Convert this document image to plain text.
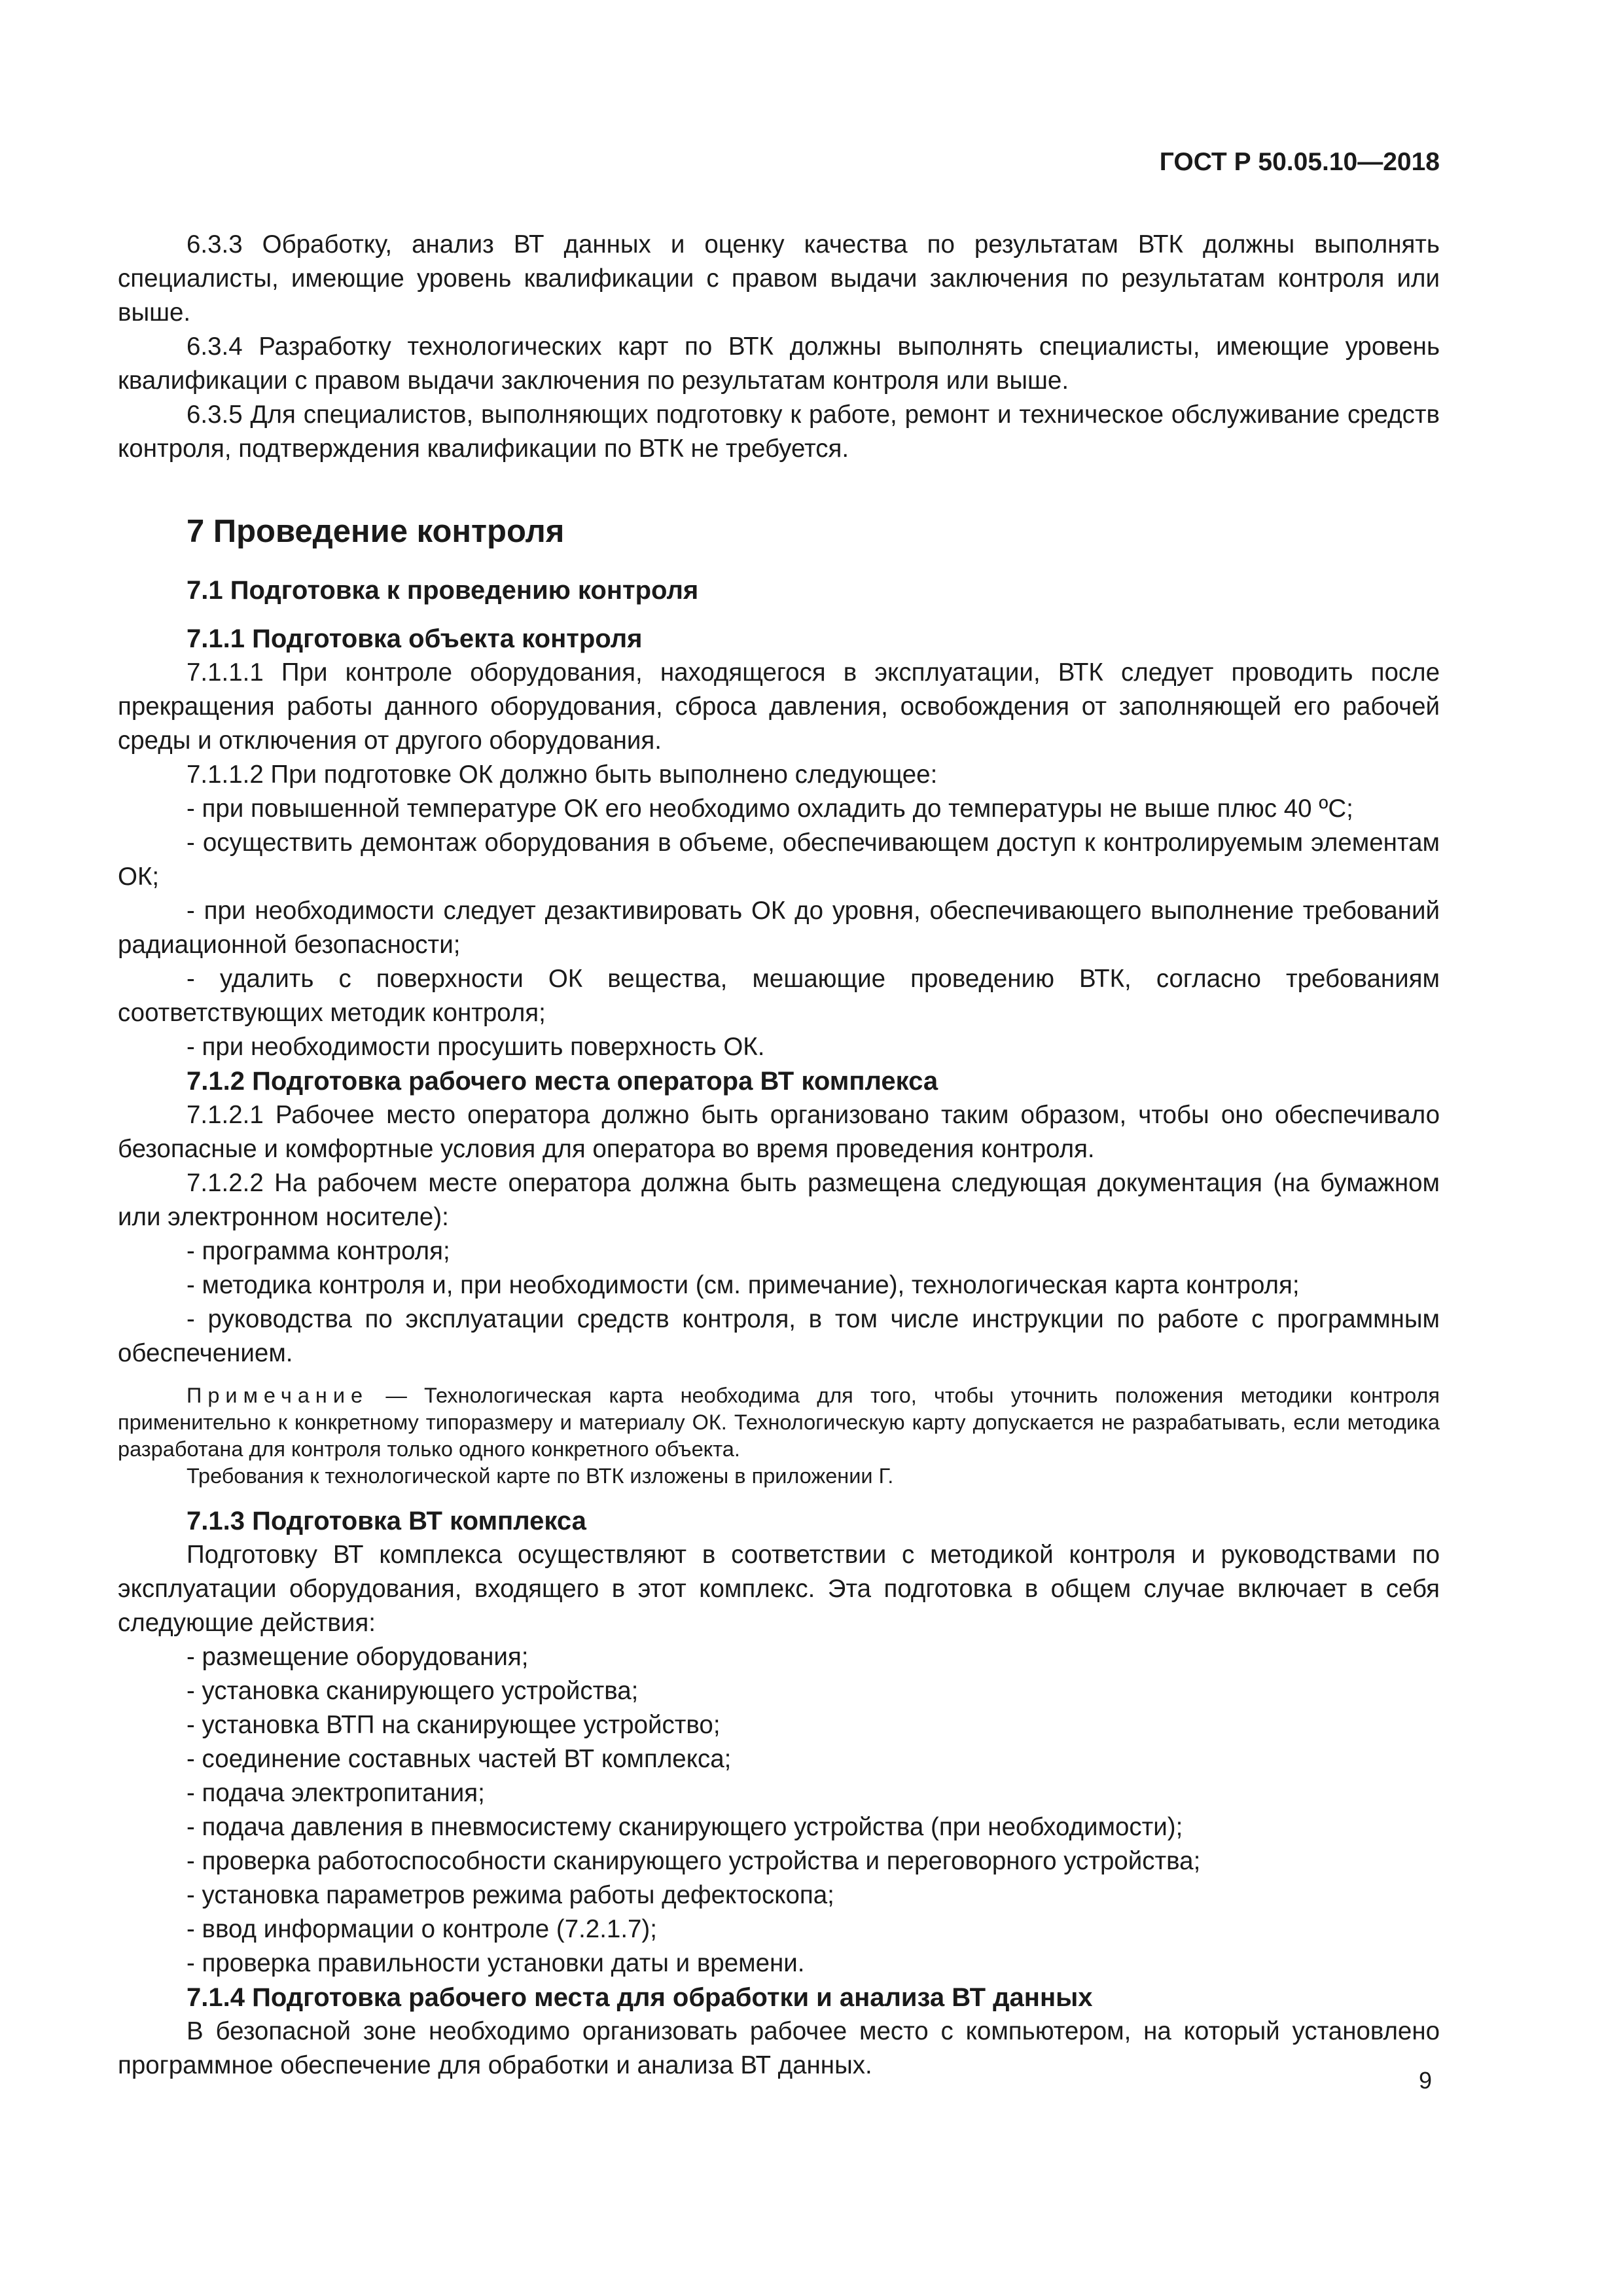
ГОСТ Р 50.05.10—2018

6.3.3 Обработку, анализ ВТ данных и оценку качества по результатам ВТК должны выполнять специалисты, имеющие уровень квалификации с правом выдачи заключения по результатам контроля или выше.

6.3.4 Разработку технологических карт по ВТК должны выполнять специалисты, имеющие уровень квалификации с правом выдачи заключения по результатам контроля или выше.

6.3.5 Для специалистов, выполняющих подготовку к работе, ремонт и техническое обслуживание средств контроля, подтверждения квалификации по ВТК не требуется.

7 Проведение контроля
7.1 Подготовка к проведению контроля
7.1.1 Подготовка объекта контроля

7.1.1.1 При контроле оборудования, находящегося в эксплуатации, ВТК следует проводить после прекращения работы данного оборудования, сброса давления, освобождения от заполняющей его рабочей среды и отключения от другого оборудования.

7.1.1.2 При подготовке ОК должно быть выполнено следующее:

- при повышенной температуре ОК его необходимо охладить до температуры не выше плюс 40 ºС;

- осуществить демонтаж оборудования в объеме, обеспечивающем доступ к контролируемым элементам ОК;

- при необходимости следует дезактивировать ОК до уровня, обеспечивающего выполнение требований радиационной безопасности;

- удалить с поверхности ОК вещества, мешающие проведению ВТК, согласно требованиям соответствующих методик контроля;

- при необходимости просушить поверхность ОК.

7.1.2 Подготовка рабочего места оператора ВТ комплекса

7.1.2.1 Рабочее место оператора должно быть организовано таким образом, чтобы оно обеспечивало безопасные и комфортные условия для оператора во время проведения контроля.

7.1.2.2 На рабочем месте оператора должна быть размещена следующая документация (на бумажном или электронном носителе):

- программа контроля;

- методика контроля и, при необходимости (см. примечание), технологическая карта контроля;

- руководства по эксплуатации средств контроля, в том числе инструкции по работе с программным обеспечением.

Примечание — Технологическая карта необходима для того, чтобы уточнить положения методики контроля применительно к конкретному типоразмеру и материалу ОК. Технологическую карту допускается не разрабатывать, если методика разработана для контроля только одного конкретного объекта.

Требования к технологической карте по ВТК изложены в приложении Г.

7.1.3 Подготовка ВТ комплекса

Подготовку ВТ комплекса осуществляют в соответствии с методикой контроля и руководствами по эксплуатации оборудования, входящего в этот комплекс. Эта подготовка в общем случае включает в себя следующие действия:

- размещение оборудования;

- установка сканирующего устройства;

- установка ВТП на сканирующее устройство;

- соединение составных частей ВТ комплекса;

- подача электропитания;

- подача давления в пневмосистему сканирующего устройства (при необходимости);

- проверка работоспособности сканирующего устройства и переговорного устройства;

- установка параметров режима работы дефектоскопа;

- ввод информации о контроле (7.2.1.7);

- проверка правильности установки даты и времени.

7.1.4 Подготовка рабочего места для обработки и анализа ВТ данных

В безопасной зоне необходимо организовать рабочее место с компьютером, на который установлено программное обеспечение для обработки и анализа ВТ данных.

9
